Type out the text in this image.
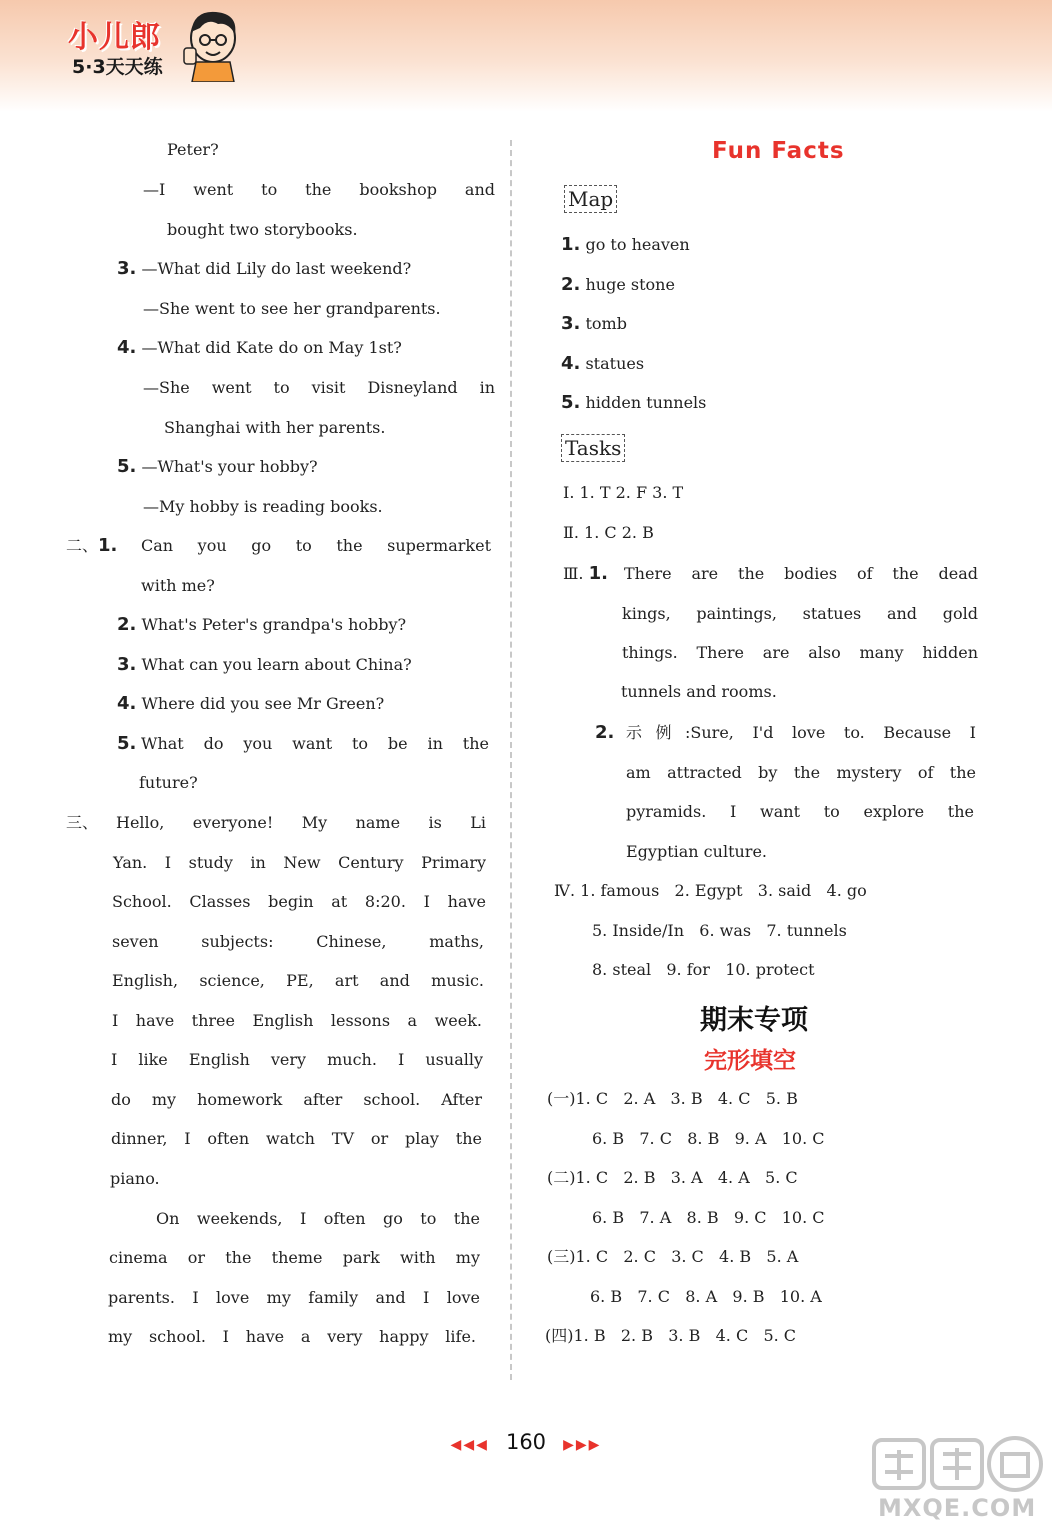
小儿郎
5·3天天练
Peter?
—I went to the bookshop and
bought two storybooks.
3. —What did Lily do last weekend?
—She went to see her grandparents.
4. —What did Kate do on May 1st?
—She went to visit Disneyland in
Shanghai with her parents.
5. —What's your hobby?
—My hobby is reading books.
二、1. Can you go to the supermarket
with me?
2. What's Peter's grandpa's hobby?
3. What can you learn about China?
4. Where did you see Mr Green?
5. What do you want to be in the
future?
三、 Hello, everyone! My name is Li
Yan. I study in New Century Primary
School. Classes begin at 8:20. I have
seven subjects: Chinese, maths,
English, science, PE, art and music.
I have three English lessons a week.
I like English very much. I usually
do my homework after school. After
dinner, I often watch TV or play the
piano.
On weekends, I often go to the
cinema or the theme park with my
parents. I love my family and I love
my school. I have a very happy life.
Fun Facts
Map
1. go to heaven
2. huge stone
3. tomb
4. statues
5. hidden tunnels
Tasks
Ⅰ. 1. T 2. F 3. T
Ⅱ. 1. C 2. B
Ⅲ. 1. There are the bodies of the dead
kings, paintings, statues and gold
things. There are also many hidden
tunnels and rooms.
2. 示例:Sure, I'd love to. Because I
am attracted by the mystery of the
pyramids. I want to explore the
Egyptian culture.
Ⅳ. 1. famous   2. Egypt   3. said   4. go
5. Inside/In   6. was   7. tunnels
8. steal   9. for   10. protect
期末专项
完形填空
(一)1. C   2. A   3. B   4. C   5. B
6. B   7. C   8. B   9. A   10. C
(二)1. C   2. B   3. A   4. A   5. C
6. B   7. A   8. B   9. C   10. C
(三)1. C   2. C   3. C   4. B   5. A
6. B   7. C   8. A   9. B   10. A
(四)1. B   2. B   3. B   4. C   5. C
◀◀◀ 160 ▶▶▶
MXQE.COM
